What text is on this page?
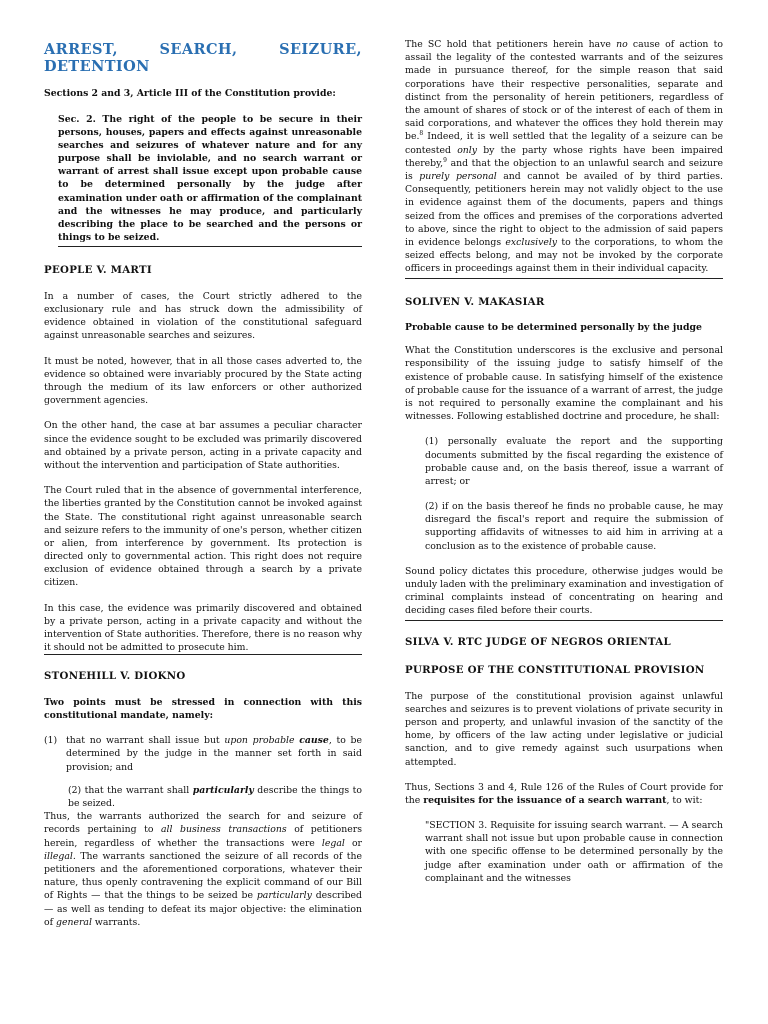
ARREST,	SEARCH,	SEIZURE,
DETENTION

Sections 2 and 3, Article III of the Constitution provide:

Sec. 2. The right of the people to be secure in their persons, houses, papers and effects against unreasonable searches and seizures of whatever nature and for any purpose shall be inviolable, and no search warrant or warrant of arrest shall issue except upon probable cause to be determined personally by the judge after examination under oath or affirmation of the complainant and the witnesses he may produce, and particularly describing the place to be searched and the persons or things to be seized.
PEOPLE V. MARTI

In a number of cases, the Court strictly adhered to the exclusionary rule and has struck down the admissibility of evidence obtained in violation of the constitutional safeguard against unreasonable searches and seizures.

It must be noted, however, that in all those cases adverted to, the evidence so obtained were invariably procured by the State acting through the medium of its law enforcers or other authorized government agencies.

On the other hand, the case at bar assumes a peculiar character since the evidence sought to be excluded was primarily discovered and obtained by a private person, acting in a private capacity and without the intervention and participation of State authorities.

The Court ruled that in the absence of governmental interference, the liberties granted by the Constitution cannot be invoked against the State. The constitutional right against unreasonable search and seizure refers to the immunity of one's person, whether citizen or alien, from interference by government. Its protection is directed only to governmental action. This right does not require exclusion of evidence obtained through a search by a private citizen.

In this case, the evidence was primarily discovered and obtained by a private person, acting in a private capacity and without the intervention of State authorities. Therefore, there is no reason why it should not be admitted to prosecute him.

STONEHILL V. DIOKNO

Two points must be stressed in connection with this constitutional mandate, namely:

(1) that no warrant shall issue but upon probable cause, to be determined by the judge in the manner set forth in said provision; and

(2) that the warrant shall particularly describe the things to be seized.

Thus, the warrants authorized the search for and seizure of records pertaining to all business transactions of petitioners herein, regardless of whether the transactions were legal or illegal. The warrants sanctioned the seizure of all records of the petitioners and the aforementioned corporations, whatever their nature, thus openly contravening the explicit command of our Bill of Rights — that the things to be seized be particularly described — as well as tending to defeat its major objective: the elimination of general warrants.

The SC hold that petitioners herein have no cause of action to assail the legality of the contested warrants and of the seizures made in pursuance thereof, for the simple reason that said corporations have their respective personalities, separate and distinct from the personality of herein petitioners, regardless of the amount of shares of stock or of the interest of each of them in said corporations, and whatever the offices they hold therein may be.$^8$ Indeed, it is well settled that the legality of a seizure can be contested only by the party whose rights have been impaired thereby,$^9$ and that the objection to an unlawful search and seizure is purely personal and cannot be availed of by third parties. Consequently, petitioners herein may not validly object to the use in evidence against them of the documents, papers and things seized from the offices and premises of the corporations adverted to above, since the right to object to the admission of said papers in evidence belongs exclusively to the corporations, to whom the seized effects belong, and may not be invoked by the corporate officers in proceedings against them in their individual capacity.

SOLIVEN V. MAKASIAR

Probable cause to be determined personally by the judge

What the Constitution underscores is the exclusive and personal responsibility of the issuing judge to satisfy himself of the existence of probable cause. In satisfying himself of the existence of probable cause for the issuance of a warrant of arrest, the judge is not required to personally examine the complainant and his witnesses. Following established doctrine and procedure, he shall:

(1) personally evaluate the report and the supporting documents submitted by the fiscal regarding the existence of probable cause and, on the basis thereof, issue a warrant of arrest; or

(2) if on the basis thereof he finds no probable cause, he may disregard the fiscal's report and require the submission of supporting affidavits of witnesses to aid him in arriving at a conclusion as to the existence of probable cause.

Sound policy dictates this procedure, otherwise judges would be unduly laden with the preliminary examination and investigation of criminal complaints instead of concentrating on hearing and deciding cases filed before their courts.

SILVA V. RTC JUDGE OF NEGROS ORIENTAL
PURPOSE OF THE CONSTITUTIONAL PROVISION

The purpose of the constitutional provision against unlawful searches and seizures is to prevent violations of private security in person and property, and unlawful invasion of the sanctity of the home, by officers of the law acting under legislative or judicial sanction, and to give remedy against such usurpations when attempted.

Thus, Sections 3 and 4, Rule 126 of the Rules of Court provide for the requisites for the issuance of a search warrant, to wit:

"SECTION 3. Requisite for issuing search warrant. — A search warrant shall not issue but upon probable cause in connection with one specific offense to be determined personally by the judge after examination under oath or affirmation of the complainant and the witnesses
